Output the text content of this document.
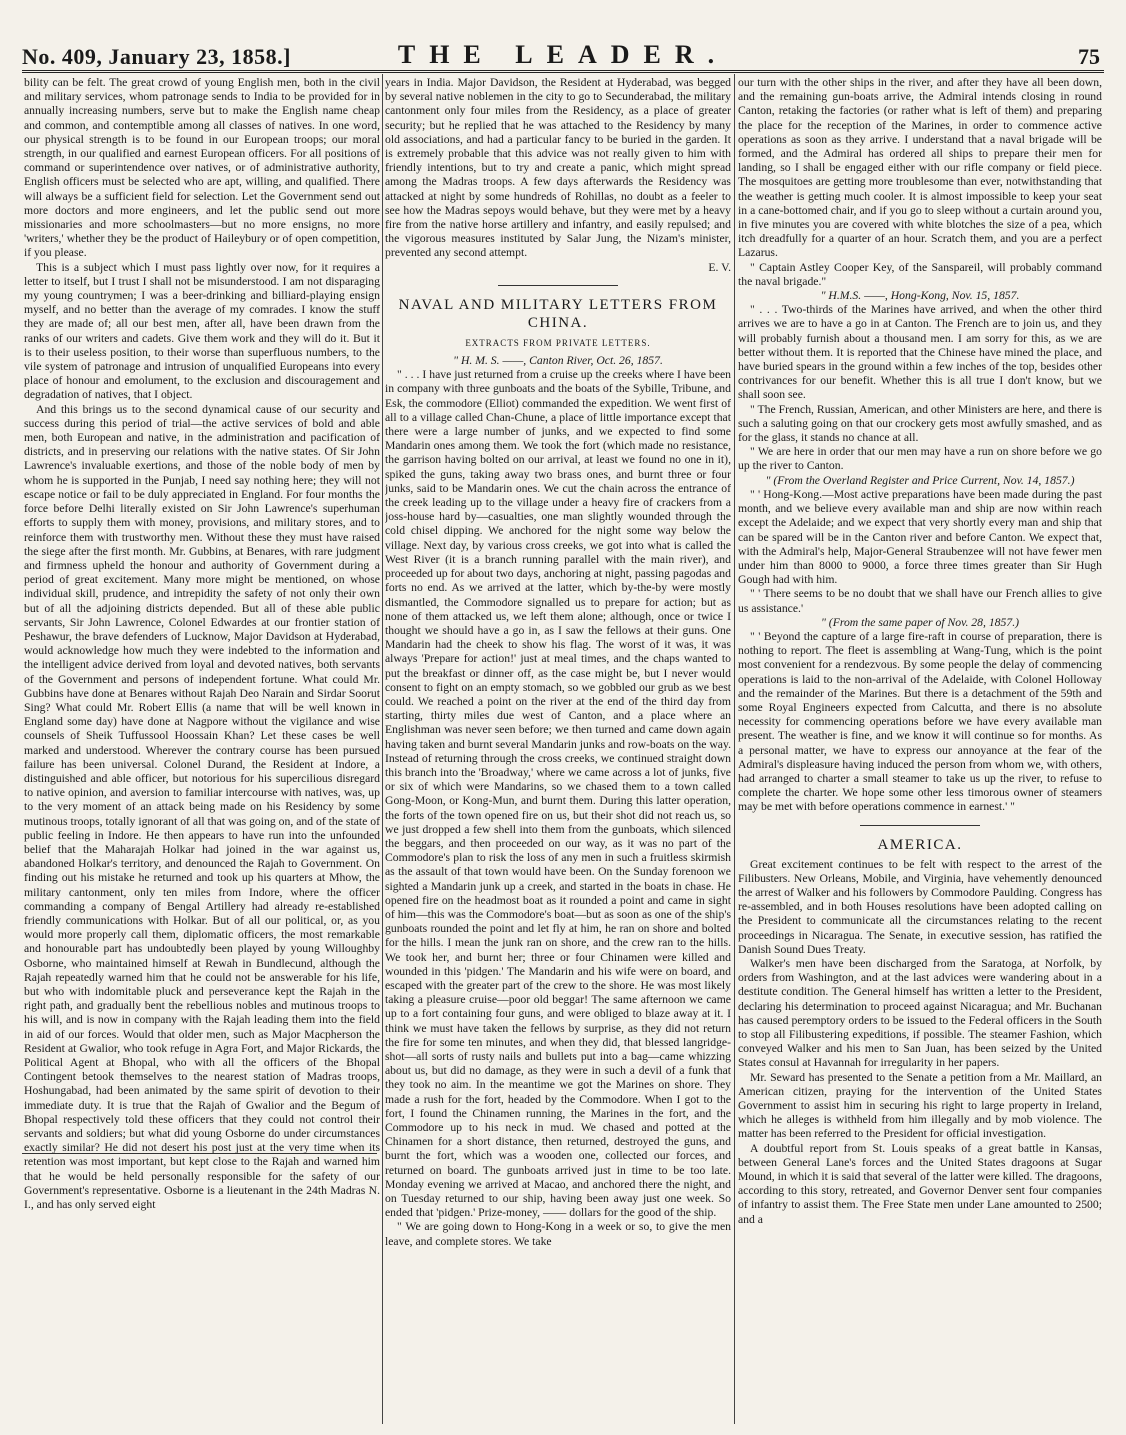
No. 409, January 23, 1858.]	THE LEADER.	75

bility can be felt. The great crowd of young English men, both in the civil and military services, whom patronage sends to India to be provided for in annually increasing numbers, serve but to make the English name cheap and common, and contemptible among all classes of natives. In one word, our physical strength is to be found in our European troops; our moral strength, in our qualified and earnest European officers. For all positions of command or superintendence over natives, or of administrative authority, English officers must be selected who are apt, willing, and qualified. There will always be a sufficient field for selection. Let the Government send out more doctors and more engineers, and let the public send out more missionaries and more schoolmasters—but no more ensigns, no more 'writers,' whether they be the product of Haileybury or of open competition, if you please.

This is a subject which I must pass lightly over now, for it requires a letter to itself, but I trust I shall not be misunderstood. I am not disparaging my young countrymen; I was a beer-drinking and billiard-playing ensign myself, and no better than the average of my comrades. I know the stuff they are made of; all our best men, after all, have been drawn from the ranks of our writers and cadets. Give them work and they will do it. But it is to their useless position, to their worse than superfluous numbers, to the vile system of patronage and intrusion of unqualified Europeans into every place of honour and emolument, to the exclusion and discouragement and degradation of natives, that I object.

And this brings us to the second dynamical cause of our security and success during this period of trial—the active services of bold and able men, both European and native, in the administration and pacification of districts, and in preserving our relations with the native states. Of Sir John Lawrence's invaluable exertions, and those of the noble body of men by whom he is supported in the Punjab, I need say nothing here; they will not escape notice or fail to be duly appreciated in England. For four months the force before Delhi literally existed on Sir John Lawrence's superhuman efforts to supply them with money, provisions, and military stores, and to reinforce them with trustworthy men. Without these they must have raised the siege after the first month. Mr. Gubbins, at Benares, with rare judgment and firmness upheld the honour and authority of Government during a period of great excitement. Many more might be mentioned, on whose individual skill, prudence, and intrepidity the safety of not only their own but of all the adjoining districts depended. But all of these able public servants, Sir John Lawrence, Colonel Edwardes at our frontier station of Peshawur, the brave defenders of Lucknow, Major Davidson at Hyderabad, would acknowledge how much they were indebted to the information and the intelligent advice derived from loyal and devoted natives, both servants of the Government and persons of independent fortune. What could Mr. Gubbins have done at Benares without Rajah Deo Narain and Sirdar Soorut Sing? What could Mr. Robert Ellis (a name that will be well known in England some day) have done at Nagpore without the vigilance and wise counsels of Sheik Tuffussool Hoossain Khan? Let these cases be well marked and understood. Wherever the contrary course has been pursued failure has been universal. Colonel Durand, the Resident at Indore, a distinguished and able officer, but notorious for his supercilious disregard to native opinion, and aversion to familiar intercourse with natives, was, up to the very moment of an attack being made on his Residency by some mutinous troops, totally ignorant of all that was going on, and of the state of public feeling in Indore. He then appears to have run into the unfounded belief that the Maharajah Holkar had joined in the war against us, abandoned Holkar's territory, and denounced the Rajah to Government. On finding out his mistake he returned and took up his quarters at Mhow, the military cantonment, only ten miles from Indore, where the officer commanding a company of Bengal Artillery had already re-established friendly communications with Holkar. But of all our political, or, as you would more properly call them, diplomatic officers, the most remarkable and honourable part has undoubtedly been played by young Willoughby Osborne, who maintained himself at Rewah in Bundlecund, although the Rajah repeatedly warned him that he could not be answerable for his life, but who with indomitable pluck and perseverance kept the Rajah in the right path, and gradually bent the rebellious nobles and mutinous troops to his will, and is now in company with the Rajah leading them into the field in aid of our forces. Would that older men, such as Major Macpherson the Resident at Gwalior, who took refuge in Agra Fort, and Major Rickards, the Political Agent at Bhopal, who with all the officers of the Bhopal Contingent betook themselves to the nearest station of Madras troops, Hoshungabad, had been animated by the same spirit of devotion to their immediate duty. It is true that the Rajah of Gwalior and the Begum of Bhopal respectively told these officers that they could not control their servants and soldiers; but what did young Osborne do under circumstances exactly similar? He did not desert his post just at the very time when its retention was most important, but kept close to the Rajah and warned him that he would be held personally responsible for the safety of our Government's representative. Osborne is a lieutenant in the 24th Madras N. I., and has only served eight

years in India. Major Davidson, the Resident at Hyderabad, was begged by several native noblemen in the city to go to Secunderabad, the military cantonment only four miles from the Residency, as a place of greater security; but he replied that he was attached to the Residency by many old associations, and had a particular fancy to be buried in the garden. It is extremely probable that this advice was not really given to him with friendly intentions, but to try and create a panic, which might spread among the Madras troops. A few days afterwards the Residency was attacked at night by some hundreds of Rohillas, no doubt as a feeler to see how the Madras sepoys would behave, but they were met by a heavy fire from the native horse artillery and infantry, and easily repulsed; and the vigorous measures instituted by Salar Jung, the Nizam's minister, prevented any second attempt.

E. V.

NAVAL AND MILITARY LETTERS FROM CHINA.
EXTRACTS FROM PRIVATE LETTERS.

" H. M. S. ——, Canton River, Oct. 26, 1857.

" . . . I have just returned from a cruise up the creeks where I have been in company with three gunboats and the boats of the Sybille, Tribune, and Esk, the commodore (Elliot) commanded the expedition. We went first of all to a village called Chan-Chune, a place of little importance except that there were a large number of junks, and we expected to find some Mandarin ones among them. We took the fort (which made no resistance, the garrison having bolted on our arrival, at least we found no one in it), spiked the guns, taking away two brass ones, and burnt three or four junks, said to be Mandarin ones. We cut the chain across the entrance of the creek leading up to the village under a heavy fire of crackers from a joss-house hard by—casualties, one man slightly wounded through the cold chisel dipping. We anchored for the night some way below the village. Next day, by various cross creeks, we got into what is called the West River (it is a branch running parallel with the main river), and proceeded up for about two days, anchoring at night, passing pagodas and forts no end. As we arrived at the latter, which by-the-by were mostly dismantled, the Commodore signalled us to prepare for action; but as none of them attacked us, we left them alone; although, once or twice I thought we should have a go in, as I saw the fellows at their guns. One Mandarin had the cheek to show his flag. The worst of it was, it was always 'Prepare for action!' just at meal times, and the chaps wanted to put the breakfast or dinner off, as the case might be, but I never would consent to fight on an empty stomach, so we gobbled our grub as we best could. We reached a point on the river at the end of the third day from starting, thirty miles due west of Canton, and a place where an Englishman was never seen before; we then turned and came down again having taken and burnt several Mandarin junks and row-boats on the way. Instead of returning through the cross creeks, we continued straight down this branch into the 'Broadway,' where we came across a lot of junks, five or six of which were Mandarins, so we chased them to a town called Gong-Moon, or Kong-Mun, and burnt them. During this latter operation, the forts of the town opened fire on us, but their shot did not reach us, so we just dropped a few shell into them from the gunboats, which silenced the beggars, and then proceeded on our way, as it was no part of the Commodore's plan to risk the loss of any men in such a fruitless skirmish as the assault of that town would have been. On the Sunday forenoon we sighted a Mandarin junk up a creek, and started in the boats in chase. He opened fire on the headmost boat as it rounded a point and came in sight of him—this was the Commodore's boat—but as soon as one of the ship's gunboats rounded the point and let fly at him, he ran on shore and bolted for the hills. I mean the junk ran on shore, and the crew ran to the hills. We took her, and burnt her; three or four Chinamen were killed and wounded in this 'pidgen.' The Mandarin and his wife were on board, and escaped with the greater part of the crew to the shore. He was most likely taking a pleasure cruise—poor old beggar! The same afternoon we came up to a fort containing four guns, and were obliged to blaze away at it. I think we must have taken the fellows by surprise, as they did not return the fire for some ten minutes, and when they did, that blessed langridge-shot—all sorts of rusty nails and bullets put into a bag—came whizzing about us, but did no damage, as they were in such a devil of a funk that they took no aim. In the meantime we got the Marines on shore. They made a rush for the fort, headed by the Commodore. When I got to the fort, I found the Chinamen running, the Marines in the fort, and the Commodore up to his neck in mud. We chased and potted at the Chinamen for a short distance, then returned, destroyed the guns, and burnt the fort, which was a wooden one, collected our forces, and returned on board. The gunboats arrived just in time to be too late. Monday evening we arrived at Macao, and anchored there the night, and on Tuesday returned to our ship, having been away just one week. So ended that 'pidgen.' Prize-money, —— dollars for the good of the ship.

" We are going down to Hong-Kong in a week or so, to give the men leave, and complete stores. We take

our turn with the other ships in the river, and after they have all been down, and the remaining gun-boats arrive, the Admiral intends closing in round Canton, retaking the factories (or rather what is left of them) and preparing the place for the reception of the Marines, in order to commence active operations as soon as they arrive. I understand that a naval brigade will be formed, and the Admiral has ordered all ships to prepare their men for landing, so I shall be engaged either with our rifle company or field piece. The mosquitoes are getting more troublesome than ever, notwithstanding that the weather is getting much cooler. It is almost impossible to keep your seat in a cane-bottomed chair, and if you go to sleep without a curtain around you, in five minutes you are covered with white blotches the size of a pea, which itch dreadfully for a quarter of an hour. Scratch them, and you are a perfect Lazarus.

" Captain Astley Cooper Key, of the Sanspareil, will probably command the naval brigade."

" H.M.S. ——, Hong-Kong, Nov. 15, 1857.

" . . . Two-thirds of the Marines have arrived, and when the other third arrives we are to have a go in at Canton. The French are to join us, and they will probably furnish about a thousand men. I am sorry for this, as we are better without them. It is reported that the Chinese have mined the place, and have buried spears in the ground within a few inches of the top, besides other contrivances for our benefit. Whether this is all true I don't know, but we shall soon see.

" The French, Russian, American, and other Ministers are here, and there is such a saluting going on that our crockery gets most awfully smashed, and as for the glass, it stands no chance at all.

" We are here in order that our men may have a run on shore before we go up the river to Canton.

" (From the Overland Register and Price Current, Nov. 14, 1857.)

" ' Hong-Kong.—Most active preparations have been made during the past month, and we believe every available man and ship are now within reach except the Adelaide; and we expect that very shortly every man and ship that can be spared will be in the Canton river and before Canton. We expect that, with the Admiral's help, Major-General Straubenzee will not have fewer men under him than 8000 to 9000, a force three times greater than Sir Hugh Gough had with him.

" ' There seems to be no doubt that we shall have our French allies to give us assistance.'

" (From the same paper of Nov. 28, 1857.)

" ' Beyond the capture of a large fire-raft in course of preparation, there is nothing to report. The fleet is assembling at Wang-Tung, which is the point most convenient for a rendezvous. By some people the delay of commencing operations is laid to the non-arrival of the Adelaide, with Colonel Holloway and the remainder of the Marines. But there is a detachment of the 59th and some Royal Engineers expected from Calcutta, and there is no absolute necessity for commencing operations before we have every available man present. The weather is fine, and we know it will continue so for months. As a personal matter, we have to express our annoyance at the fear of the Admiral's displeasure having induced the person from whom we, with others, had arranged to charter a small steamer to take us up the river, to refuse to complete the charter. We hope some other less timorous owner of steamers may be met with before operations commence in earnest.' "

AMERICA.

Great excitement continues to be felt with respect to the arrest of the Filibusters. New Orleans, Mobile, and Virginia, have vehemently denounced the arrest of Walker and his followers by Commodore Paulding. Congress has re-assembled, and in both Houses resolutions have been adopted calling on the President to communicate all the circumstances relating to the recent proceedings in Nicaragua. The Senate, in executive session, has ratified the Danish Sound Dues Treaty.

Walker's men have been discharged from the Saratoga, at Norfolk, by orders from Washington, and at the last advices were wandering about in a destitute condition. The General himself has written a letter to the President, declaring his determination to proceed against Nicaragua; and Mr. Buchanan has caused peremptory orders to be issued to the Federal officers in the South to stop all Filibustering expeditions, if possible. The steamer Fashion, which conveyed Walker and his men to San Juan, has been seized by the United States consul at Havannah for irregularity in her papers.

Mr. Seward has presented to the Senate a petition from a Mr. Maillard, an American citizen, praying for the intervention of the United States Government to assist him in securing his right to large property in Ireland, which he alleges is withheld from him illegally and by mob violence. The matter has been referred to the President for official investigation.

A doubtful report from St. Louis speaks of a great battle in Kansas, between General Lane's forces and the United States dragoons at Sugar Mound, in which it is said that several of the latter were killed. The dragoons, according to this story, retreated, and Governor Denver sent four companies of infantry to assist them. The Free State men under Lane amounted to 2500; and a
